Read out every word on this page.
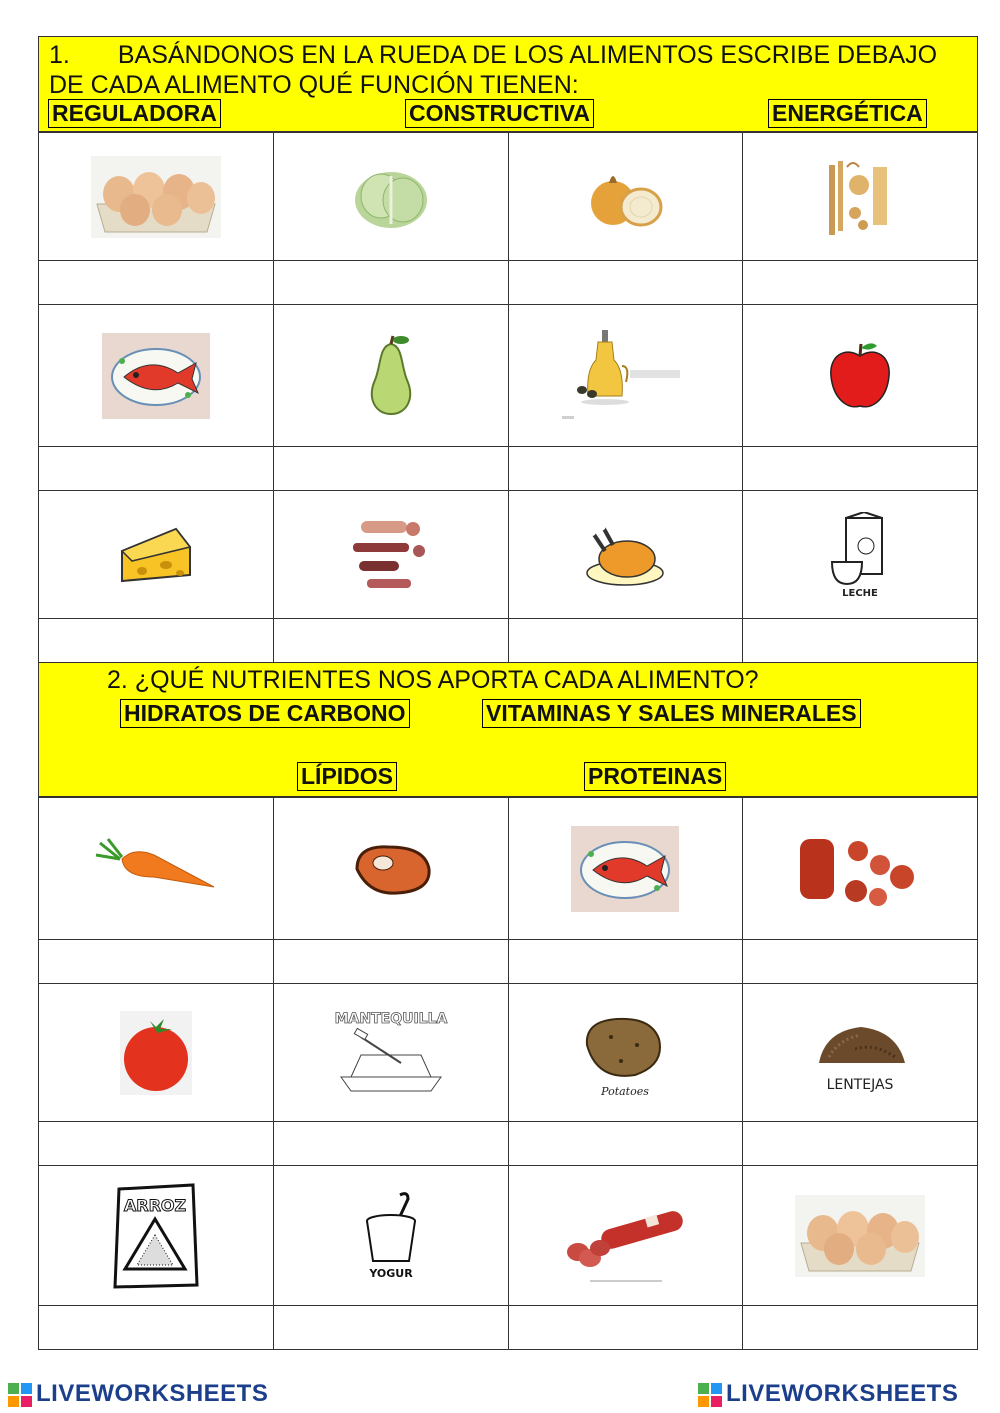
1. BASÁNDONOS EN LA RUEDA DE LOS ALIMENTOS ESCRIBE DEBAJO DE CADA ALIMENTO QUÉ FUNCIÓN TIENEN:

REGULADORA	CONSTRUCTIVA	ENERGÉTICA

LECHE

2. ¿QUÉ NUTRIENTES NOS APORTA CADA ALIMENTO?

HIDRATOS DE CARBONO	VITAMINAS Y SALES MINERALES
LÍPIDOS	PROTEINAS

MANTEQUILLA	Potatoes	LENTEJAS

ARROZ	YOGUR

LIVEWORKSHEETS	LIVEWORKSHEETS
